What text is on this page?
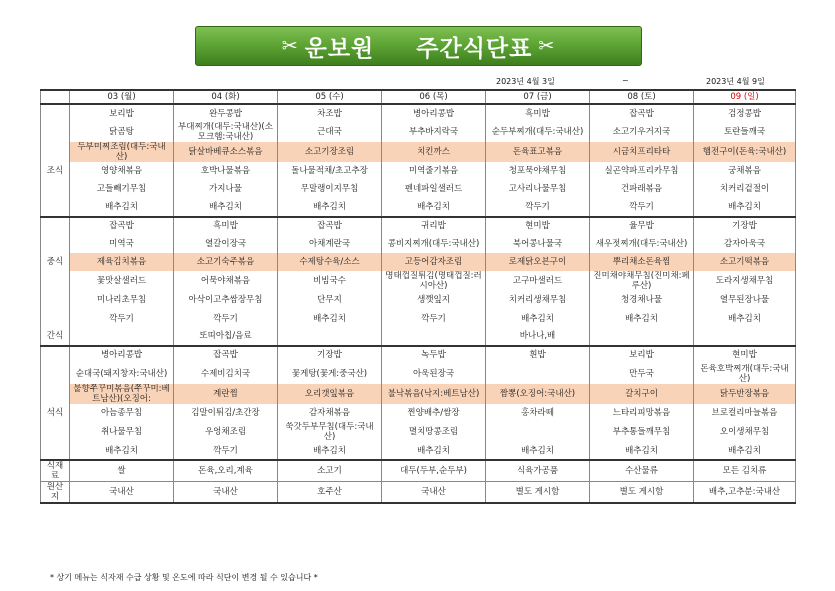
✂ 운보원 주간식단표 ✂
2023년 4월 3일	~	2023년 4월 9일
	03 (월)	04 (화)	05 (수)	06 (목)	07 (금)	08 (토)	09 (일)
	보리밥	완두콩밥	차조밥	병아리콩밥	흑미밥	잡곡밥	검정콩밥
	닭곰탕	부대찌개(대두:국내산)(소모크햄:국내산)	근대국	부추바지락국	순두부찌개(대두:국내산)	소고기우거지국	토란들깨국
	두부미찌조림(대두:국내산)	닭살바베큐소스볶음	소고기장조림	치킨까스	돈육표고볶음	시금치프리타타	햄전구이(돈육:국내산)
조식	영양채볶음	호박나물볶음	돌나물적채/초고추장	미역줄기볶음	청포묵야채무침	실곤약파프리카무침	궁채볶음
	고들빼기무침	가지나물	무말랭이지무침	펜네파일샐러드	고사리나물무침	건파래볶음	치커리겉절이
	배추김치	배추김치	배추김치	배추김치	깍두기	깍두기	배추김치
	잡곡밥	흑미밥	잡곡밥	귀리밥	현미밥	율무밥	기장밥
	미역국	열갈이장국	아채계란국	콩비지찌개(대두:국내산)	북어콩나물국	새우젓찌개(대두:국내산)	감자아욱국
중식	제육김치볶음	소고기숙주볶음	수제탕수육/소스	고등어감자조림	로제닭오븐구이	뿌리채소돈육찜	소고기떡볶음
	꽃맛살샐러드	어묵야채볶음	비빔국수	명태껍질튀김(명태껍질:러시아산)	고구마샐러드	진미채야채무침(진미채:페루산)	도라지생채무침
	미나리초무침	아삭이고추쌈장무침	단무지	생깻잎지	치커리생채무침	청경채나물	열무된장나물
	깍두기	깍두기	배추김치	깍두기	배추김치	배추김치	배추김치
간식		또띠아칩/음료			바나나,배		
	병아리콩밥	잡곡밥	기장밥	녹두밥	흰밥	보리밥	현미밥
	순대국(돼지창자:국내산)	수제비김치국	꽃게탕(꽃게:중국산)	아욱된장국		만두국	돈육호박찌개(대두:국내산)
	불향쭈꾸미볶음(쭈꾸미:베트남산)(오징어:	계란찜	오리갯잎볶음	불낙볶음(낙지:베트남산)	짬뽕(오징어:국내산)	갈치구이	닭두반장볶음
석식	아늠종무침	김말이튀김/초간장	감자채볶음	찐양배추/쌈장	홍차라떼	느타리피망볶음	브로컬리마늘볶음
	취나물무침	우엉채조림	쑥갓두부무침(대두:국내산)	멸치땅콩조림		부추통들깨무침	오이생채무침
	배추김치	깍두기	배추김치	배추김치	배추김치	배추김치	배추김치
식재료	쌀	돈육,오리,계육	소고기	대두(두부,순두부)	식육가공품	수산물류	모든 김치류
원산지	국내산	국내산	호주산	국내산	별도 게시함	별도 게시함	배추,고추분:국내산
* 상기 메뉴는 식자재 수급 상황 및 온도에 따라 식단이 변경 될 수 있습니다 *
